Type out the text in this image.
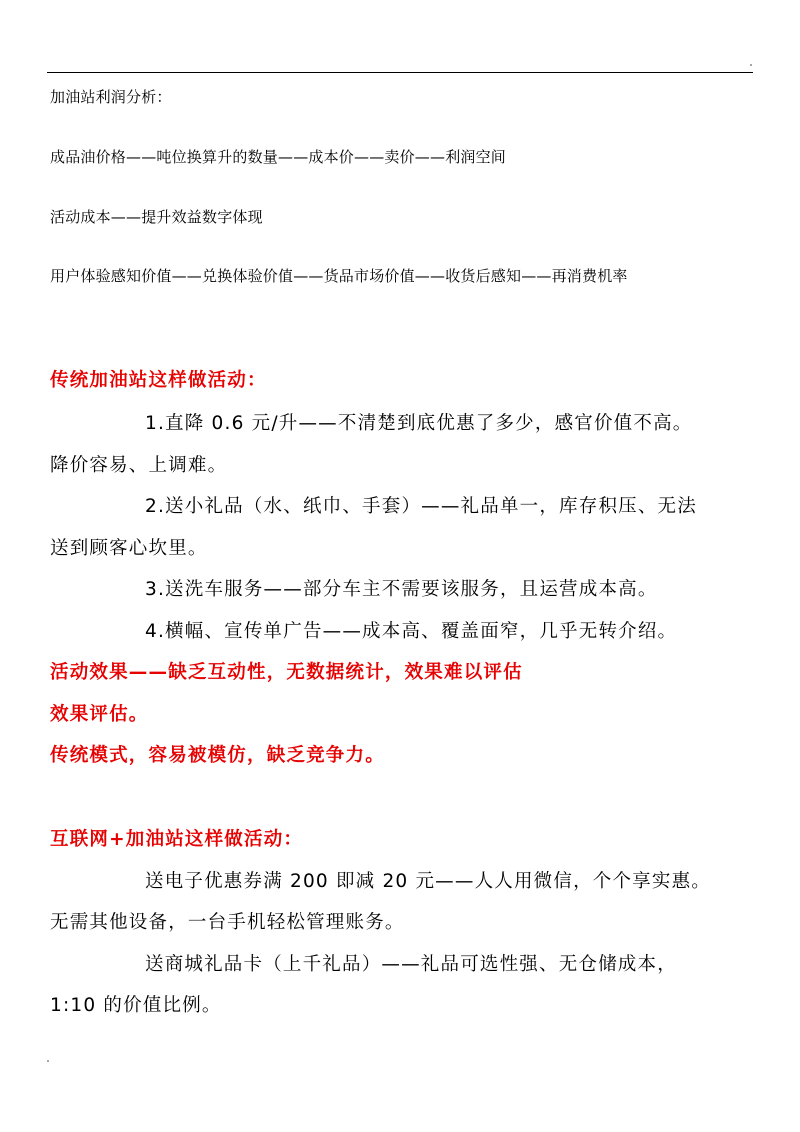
加油站利润分析：
成品油价格——吨位换算升的数量——成本价——卖价——利润空间
活动成本——提升效益数字体现
用户体验感知价值——兑换体验价值——货品市场价值——收货后感知——再消费机率
传统加油站这样做活动：
1.直降 0.6 元/升——不清楚到底优惠了多少，感官价值不高。
降价容易、上调难。
2.送小礼品（水、纸巾、手套）——礼品单一，库存积压、无法
送到顾客心坎里。
3.送洗车服务——部分车主不需要该服务，且运营成本高。
4.横幅、宣传单广告——成本高、覆盖面窄，几乎无转介绍。
活动效果——缺乏互动性，无数据统计，效果难以评估
效果评估。
传统模式，容易被模仿，缺乏竞争力。
互联网+加油站这样做活动：
送电子优惠券满 200 即减 20 元——人人用微信，个个享实惠。
无需其他设备，一台手机轻松管理账务。
送商城礼品卡（上千礼品）——礼品可选性强、无仓储成本，
1:10 的价值比例。
